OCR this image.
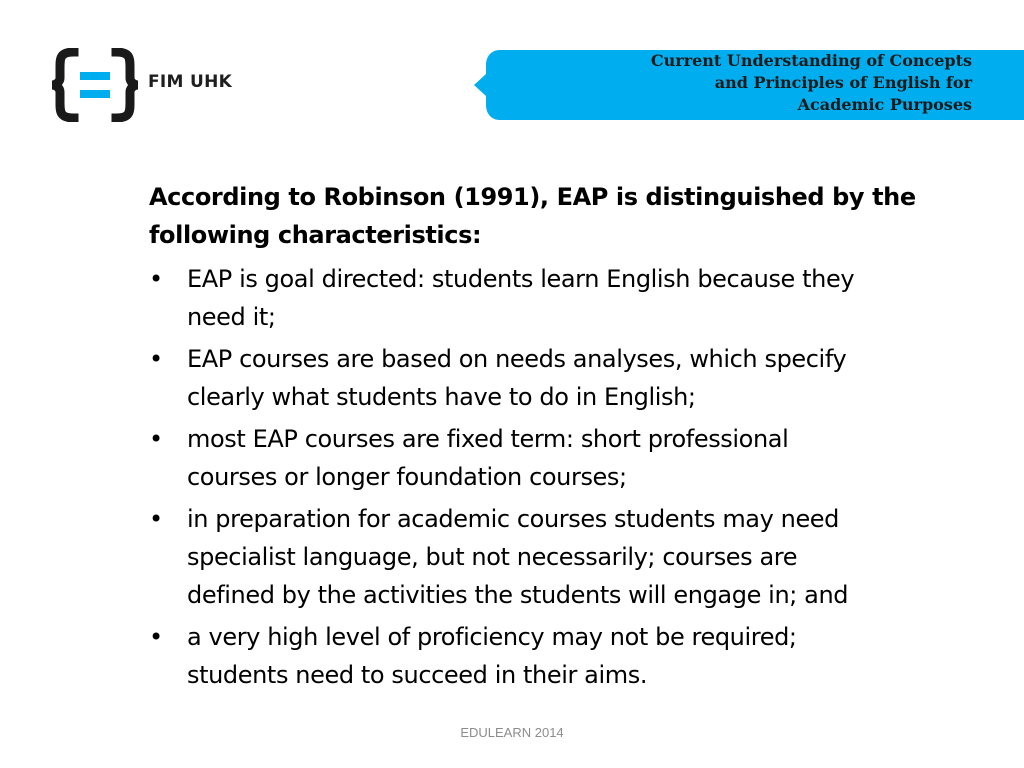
FIM UHK
Current Understanding of Concepts
and Principles of English for
Academic Purposes

According to Robinson (1991), EAP is distinguished by the
following characteristics:

• EAP is goal directed: students learn English because they
need it;
• EAP courses are based on needs analyses, which specify
clearly what students have to do in English;
• most EAP courses are fixed term: short professional
courses or longer foundation courses;
• in preparation for academic courses students may need
specialist language, but not necessarily; courses are
defined by the activities the students will engage in; and
• a very high level of proficiency may not be required;
students need to succeed in their aims.
EDULEARN 2014
